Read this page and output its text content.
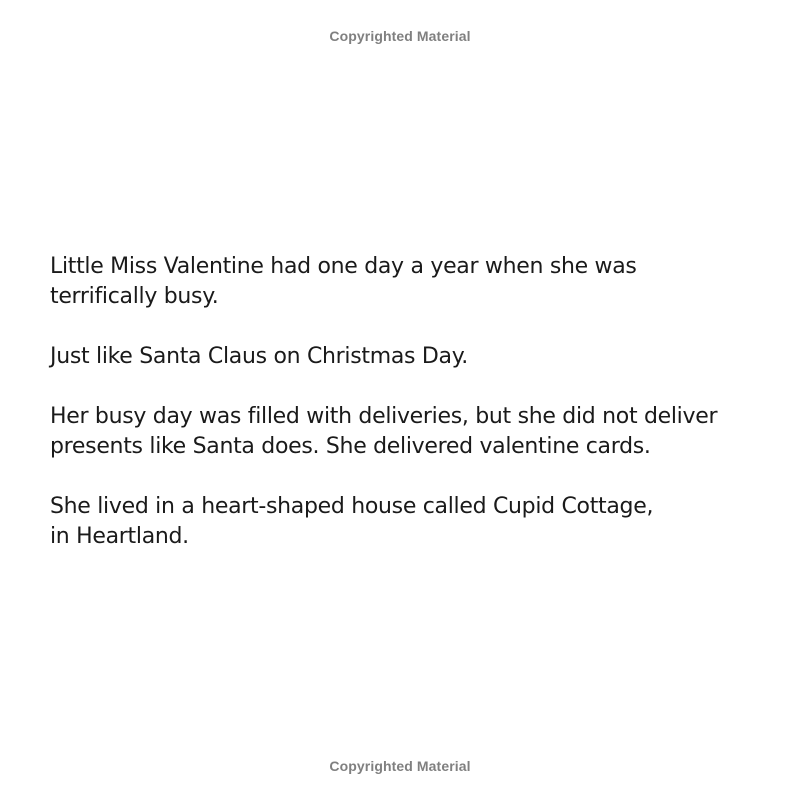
Copyrighted Material

Little Miss Valentine had one day a year when she was
terrifically busy.

Just like Santa Claus on Christmas Day.

Her busy day was filled with deliveries, but she did not deliver
presents like Santa does. She delivered valentine cards.

She lived in a heart-shaped house called Cupid Cottage,
in Heartland.

Copyrighted Material
